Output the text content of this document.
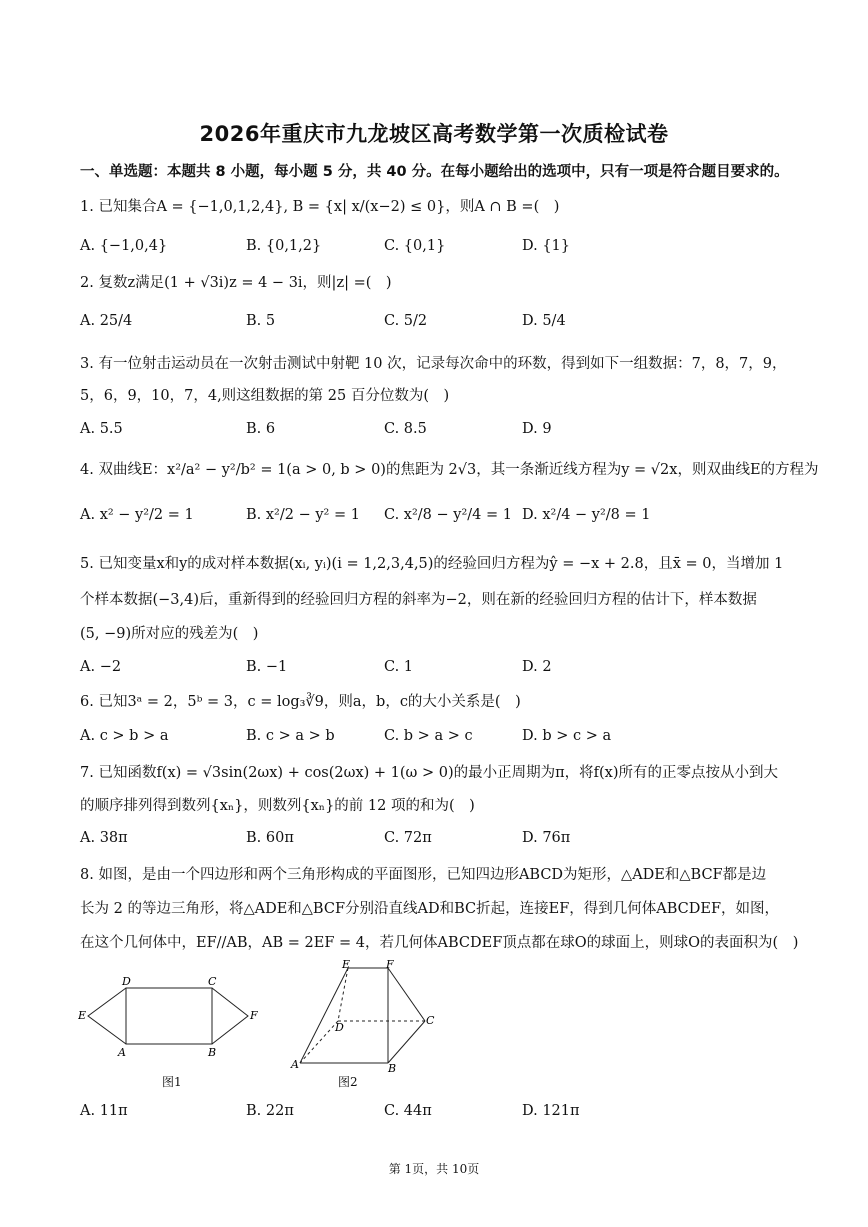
2026年重庆市九龙坡区高考数学第一次质检试卷
一、单选题：本题共 8 小题，每小题 5 分，共 40 分。在每小题给出的选项中，只有一项是符合题目要求的。
1. 已知集合A = {−1,0,1,2,4}, B = {x| x/(x−2) ≤ 0}，则A ∩ B =(　)
A. {−1,0,4}	B. {0,1,2}	C. {0,1}	D. {1}
2. 复数z满足(1 + √3i)z = 4 − 3i，则|z| =(　)
A. 25/4	B. 5	C. 5/2	D. 5/4
3. 有一位射击运动员在一次射击测试中射靶 10 次，记录每次命中的环数，得到如下一组数据：7，8，7，9，
5，6，9，10，7，4,则这组数据的第 25 百分位数为(　)
A. 5.5	B. 6	C. 8.5	D. 9
4. 双曲线E：x²/a² − y²/b² = 1(a > 0, b > 0)的焦距为 2√3，其一条渐近线方程为y = √2x，则双曲线E的方程为
A. x² − y²/2 = 1	B. x²/2 − y² = 1 C. x²/8 − y²/4 = 1 D. x²/4 − y²/8 = 1
5. 已知变量x和y的成对样本数据(xᵢ, yᵢ)(i = 1,2,3,4,5)的经验回归方程为ŷ = −x + 2.8，且x̄ = 0，当增加 1
个样本数据(−3,4)后，重新得到的经验回归方程的斜率为−2，则在新的经验回归方程的估计下，样本数据
(5, −9)所对应的残差为(　)
A. −2	B. −1	C. 1	D. 2
6. 已知3ᵃ = 2，5ᵇ = 3，c = log₃∛9，则a，b，c的大小关系是(　)
A. c > b > a	B. c > a > b	C. b > a > c	D. b > c > a
7. 已知函数f(x) = √3sin(2ωx) + cos(2ωx) + 1(ω > 0)的最小正周期为π，将f(x)所有的正零点按从小到大
的顺序排列得到数列{xₙ}，则数列{xₙ}的前 12 项的和为(　)
A. 38π	B. 60π	C. 72π	D. 76π
8. 如图，是由一个四边形和两个三角形构成的平面图形，已知四边形ABCD为矩形，△ADE和△BCF都是边
长为 2 的等边三角形，将△ADE和△BCF分别沿直线AD和BC折起，连接EF，得到几何体ABCDEF，如图，
在这个几何体中，EF//AB，AB = 2EF = 4，若几何体ABCDEF顶点都在球O的球面上，则球O的表面积为(　)
D	C
E	F
A	B
图1
E	F
D
C
A	B
图2
A. 11π	B. 22π	C. 44π	D. 121π
第 1页，共 10页
